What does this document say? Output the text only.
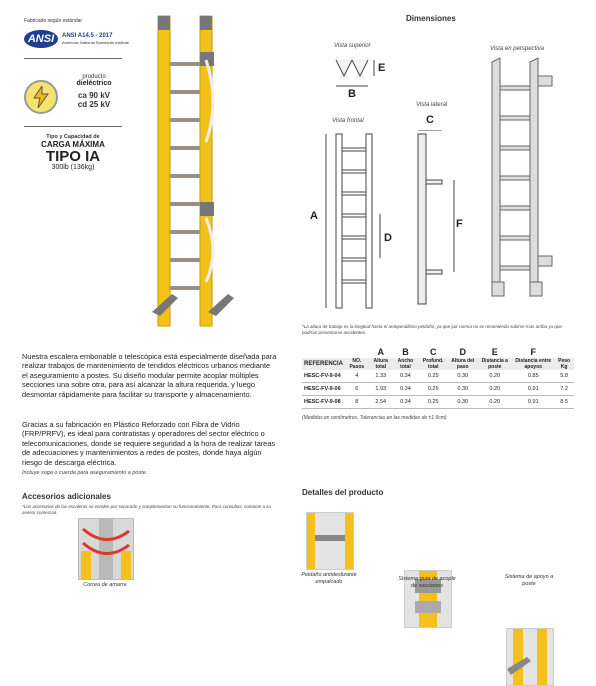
Fabricado según estándar
ANSI	ANSI A14.5 - 2017
American National Standards Institute
producto
dieléctrico
ca 90 kV
cd 25 kV
Tipo y Capacidad de
CARGA MÁXIMA
TIPO IA
300lb (136kg)
Dimensiones
Vista superior
E
B
Vista en perspectiva
Vista lateral
C
F
Vista frontal
A
D
*La altura de trabajo es la longitud hasta el antepenúltimo peldaño, ya que por norma no se recomienda subirse más arriba ya que podrían presentarse accidentes.
Nuestra escalera embonable o telescópica está especialmente diseñada para realizar trabajos de mantenimiento de tendidos eléctricos urbanos mediante el aseguramiento a postes. Su diseño modular permite acoplar múltiples secciones una sobre otra, para así alcanzar la altura requerida, y luego desmontar rápidamente para facilitar su transporte y almacenamiento.
Gracias a su fabricación en Plástico Reforzado con Fibra de Vidrio (FRP/PRFV), es ideal para contratistas y operadores del sector eléctrico o telecomunicaciones, donde se requiere seguridad a la hora de realizar tareas de adecuaciones y mantenimientos a redes de postes, donde haya algún riesgo de descarga eléctrica.
Incluye soga o cuerda para aseguramiento a poste.
		A	B	C	D	E	F	
REFERENCIA	NO. Pasos	Altura total	Ancho total	Profund. total	Altura del paso	Distancia a poste	Distancia entre apoyos	Peso Kg
HESC-FV-9-04	4	1.33	0.34	0.25	0.30	0.20	0.85	5.8
HESC-FV-9-06	6	1.93	0.34	0.25	0.30	0.20	0.91	7.2
HESC-FV-9-08	8	2.54	0.34	0.25	0.30	0.20	0.91	8.5
(Medidas en centímetros. Tolerancias en las medidas de ±1.5cm)
Accesorios adicionales
*Los accesorios de las escaleras se venden por separado y complementan su funcionamiento. Para consultas, contacte a su asesor comercial.
Correa de amarre
Detalles del producto
Peldaño antideslizante empalcado	Sistema guía de acople de secciones
Sistema de apoyo a poste
